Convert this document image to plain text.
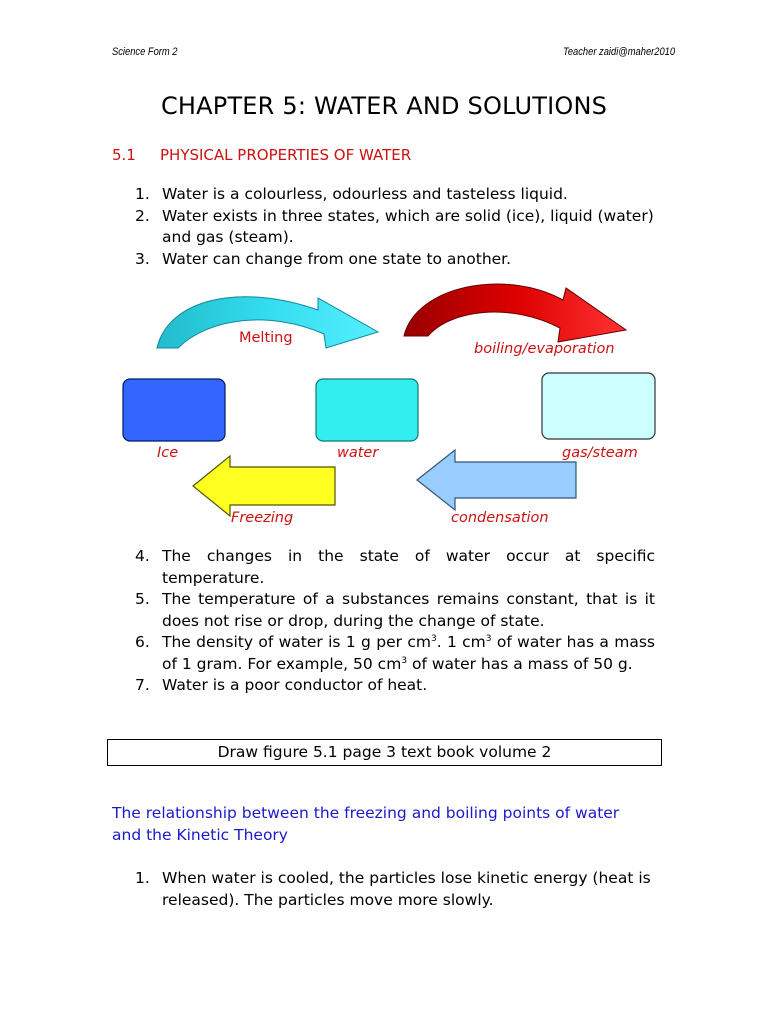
Science Form 2	Teacher zaidi@maher2010
CHAPTER 5: WATER AND SOLUTIONS
5.1 PHYSICAL PROPERTIES OF WATER
1. Water is a colourless, odourless and tasteless liquid.
2. Water exists in three states, which are solid (ice), liquid (water) and gas (steam).
3. Water can change from one state to another.
Melting
boiling/evaporation
Ice	water	gas/steam
Freezing	condensation
4. The changes in the state of water occur at specific temperature.
5. The temperature of a substances remains constant, that is it does not rise or drop, during the change of state.
6. The density of water is 1 g per $cm^3$. 1 $cm^3$ of water has a mass of 1 gram. For example, 50 $cm^3$ of water has a mass of 50 g.
7. Water is a poor conductor of heat.
Draw figure 5.1 page 3 text book volume 2
The relationship between the freezing and boiling points of water and the Kinetic Theory
1. When water is cooled, the particles lose kinetic energy (heat is released). The particles move more slowly.
